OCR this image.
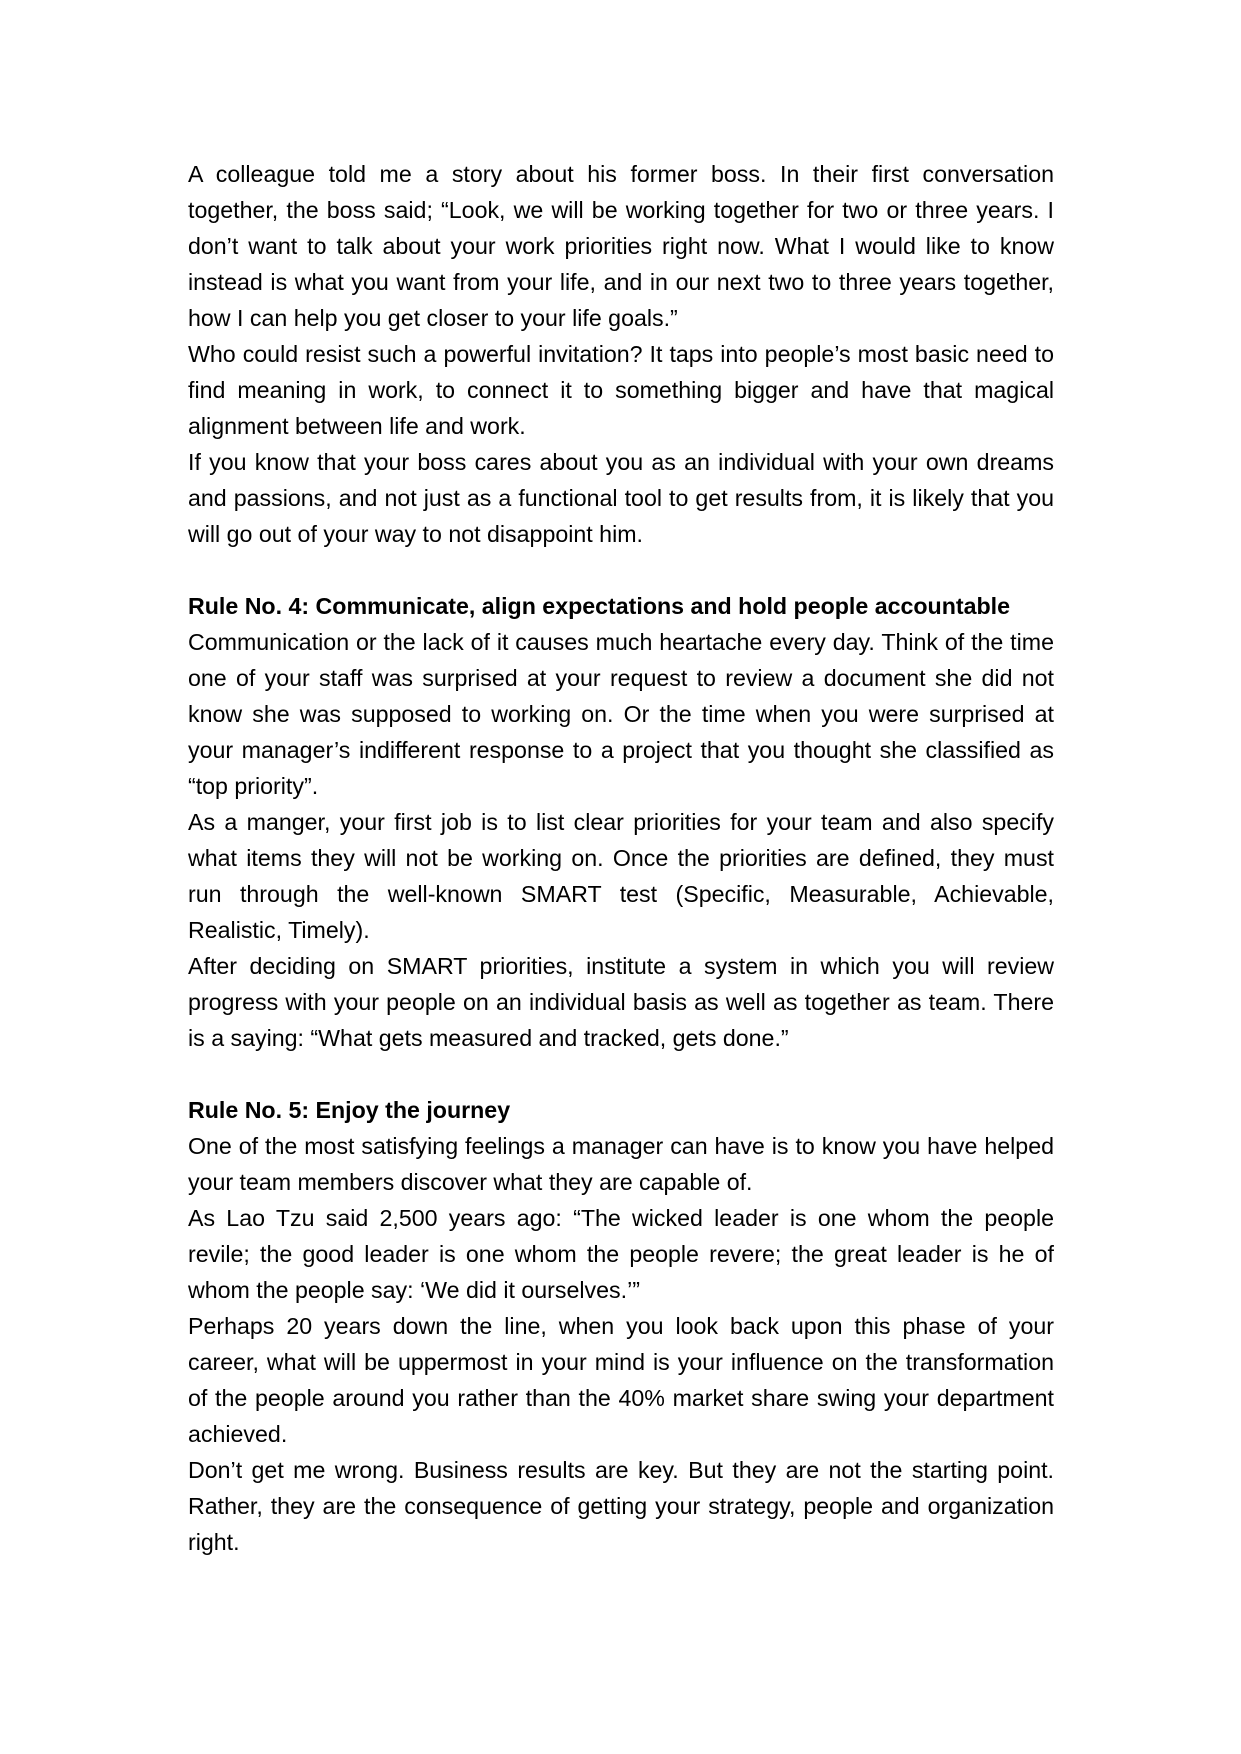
A colleague told me a story about his former boss. In their first conversation together, the boss said; “Look, we will be working together for two or three years. I don’t want to talk about your work priorities right now. What I would like to know instead is what you want from your life, and in our next two to three years together, how I can help you get closer to your life goals.”

Who could resist such a powerful invitation? It taps into people’s most basic need to find meaning in work, to connect it to something bigger and have that magical alignment between life and work.

If you know that your boss cares about you as an individual with your own dreams and passions, and not just as a functional tool to get results from, it is likely that you will go out of your way to not disappoint him.

Rule No. 4: Communicate, align expectations and hold people accountable

Communication or the lack of it causes much heartache every day. Think of the time one of your staff was surprised at your request to review a document she did not know she was supposed to working on. Or the time when you were surprised at your manager’s indifferent response to a project that you thought she classified as “top priority”.

As a manger, your first job is to list clear priorities for your team and also specify what items they will not be working on. Once the priorities are defined, they must run through the well-known SMART test (Specific, Measurable, Achievable, Realistic, Timely).

After deciding on SMART priorities, institute a system in which you will review progress with your people on an individual basis as well as together as team. There is a saying: “What gets measured and tracked, gets done.”

Rule No. 5: Enjoy the journey

One of the most satisfying feelings a manager can have is to know you have helped your team members discover what they are capable of.

As Lao Tzu said 2,500 years ago: “The wicked leader is one whom the people revile; the good leader is one whom the people revere; the great leader is he of whom the people say: ‘We did it ourselves.’”

Perhaps 20 years down the line, when you look back upon this phase of your career, what will be uppermost in your mind is your influence on the transformation of the people around you rather than the 40% market share swing your department achieved.

Don’t get me wrong. Business results are key. But they are not the starting point. Rather, they are the consequence of getting your strategy, people and organization right.
